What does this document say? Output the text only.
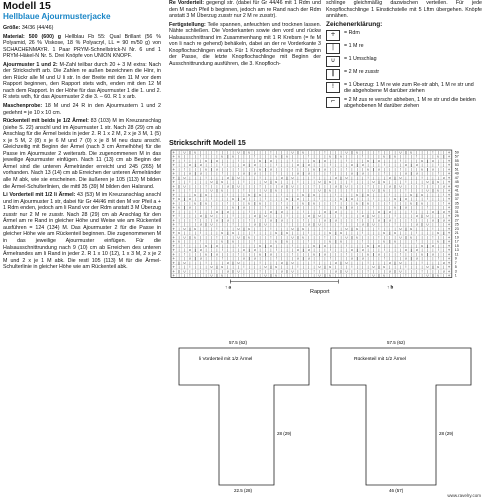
Modell 15
Hellblaue Ajourmusterjacke

Größe: 34/36 (44/46)

Material: 500 (600) g Hellblau Fb 55: Qual Brillant (56 % Polyamid, 26 % Viskose, 18 % Polyacryl, LL = 90 m/50 g) von SCHACHENMAYR. 1 Paar PRYM-Schnellstrick-N Nr. 6 und 1 PRYM-Häkel-N Nr. 5. Drei Knöpfe von UNION KNOPF.

Ajourmuster 1 und 2: M-Zahl teilbar durch 20 + 3 M extra: Nach der Strickschrift arb. Die Zahlen re außen bezeichnen die Hinr, in den Rückr alle M und U li str. In der Breite mit den 11 M vor dem Rapport beginnen, den Rapport stets wdh, enden mit den 12 M nach dem Rapport. In der Höhe für das Ajourmuster 1 die 1. und 2. R stets wdh, für das Ajourmuster 2 die 3. – 60. R 1 x arb.

Maschenprobe: 18 M und 24 R in den Ajourmustern 1 und 2 gedehnt = je 10 x 10 cm.

Rückenteil mit beids je 1/2 Ärmel: 83 (103) M im Kreuzanschlag (siehe S. 22) anschl und im Ajourmuster 1 str. Nach 28 (29) cm ab Anschlag für die Ärmel beids in jeder 2. R 1 x 2 M, 2 x je 3 M, 1 (5) x je 5 M, 2 (8) x je 6 M und 7 (0) x je 8 M neu dazu anschl. Gleichzeitig mit Beginn der Ärmel (nach 3 cm Ärmelhöhe) für die Passe im Ajourmuster 2 weiterarb. Die zugenommenen M in das jeweilige Ajourmuster einfügen. Nach 11 (13) cm ab Beginn der Ärmel sind die unteren Ärmelränder erreicht und 245 (265) M vorhanden. Nach 13 (14) cm ab Erreichen der unteren Ärmelränder alle M abk, wie sie erscheinen. Die äußeren je 105 (113) M bilden die Ärmel-Schulterlinien, die mittl 35 (39) M bilden den Halsrand.

Li Vorderteil mit 1/2 li Ärmel: 43 (53) M im Kreuzanschlag anschl und im Ajourmuster 1 str, dabei für Gr 44/46 mit den M vor Pfeil a + 1 Rdm enden, jedoch am li Rand vor der Rdm anstatt 3 M Überzug zusstr nur 2 M re zusstr. Nach 28 (29) cm ab Anschlag für den Ärmel am re Rand in gleicher Höhe und Weise wie am Rückenteil ausführen = 124 (134) M. Das Ajourmuster 2 für die Passe in gleicher Höhe wie am Rückenteil beginnen. Die zugenommenen M in das jeweilige Ajourmuster einfügen. Für die Halsausschnittrundung nach 9 (10) cm ab Erreichen des unteren Ärmelrandes am li Rand in jeder 2. R 1 x 10 (12), 1 x 3 M, 2 x je 2 M und 2 x je 1 M abk. Die restl 105 (113) M für die Ärmel-Schulterlinie in gleicher Höhe wie am Rückenteil abk.

Re Vorderteil: gegengl str. (dabei für Gr 44/46 mit 1 Rdm und den M nach Pfeil b beginnen, jedoch am re Rand nach der Rdm anstatt 3 M Überzug zusstr nur 2 M re zusstr).

Fertigstellung: Teile spannen, anfeuchten und trocknen lassen. Nähte schließen. Die Vorderkanten sowie den vord und rückw Halsausschnittrand im Zusammenhang mit 1 R Krebsm (= fe M von li nach re gehend) behäkeln, dabei an der re Vorderkante 3 Knopflochschlingen einarb. Für 1 Knopflochschlinge mit Beginn der Passe, die letzte Knopflochschlinge mit Beginn der Ausschnittrundung ausführen, die 3. Knopfloch-

schlinge gleichmäßig dazwischen verteilen. Für jede Knopflochschlinge 1 Einstichstelle mit 5 Lftm übergehen. Knöpfe annähen.

Zeichenerklärung:
+	= Rdm
|	= 1 M re
∪	= 1 Umschlag
‖	= 2 M re zusstr
!	= 1 Überzug: 1 M re wie zum Re-str abh, 1 M re str und die abgehobene M darüber ziehen
⌐	= 2 M zus re verschr abheben, 1 M re str und die beiden abgehobenen M darüber ziehen
Strickschrift Modell 15
+ | ∪ ‖ ∪ | | | ! | | | ∪ ‖ ∪ | | | ! | | | ∪ ‖ ∪ | | | ! | | | ∪ ‖ ∪ | | | ! | | | ∪ ‖ ∪ | | | ! | | +
+ ∪ | | | ! | | | ∪ ‖ ∪ | | | ! | | | ∪ ‖ ∪ | | | ! | | | ∪ ‖ ∪ | | | ! | | | ∪ ‖ ∪ | | | ! | | | ∪ ‖ +
+ | ! | | | ∪ ‖ ∪ | | | ! | | | ∪ ‖ ∪ | | | ! | | | ∪ ‖ ∪ | | | ! | | | ∪ ‖ ∪ | | | ! | | | ∪ ‖ ∪ | | +
+ | | ∪ ‖ ∪ | | | ! | | | ∪ ‖ ∪ | | | ! | | | ∪ ‖ ∪ | | | ! | | | ∪ ‖ ∪ | | | ! | | | ∪ ‖ ∪ | | | ! | +
+ | ! | | | ∪ ‖ ∪ | | | ! | | | ∪ ‖ ∪ | | | ! | | | ∪ ‖ ∪ | | | ! | | | ∪ ‖ ∪ | | | ! | | | ∪ ‖ ∪ | | +
+ | | ∪ ‖ ∪ | | | ! | | | ∪ ‖ ∪ | | | ! | | | ∪ ‖ ∪ | | | ! | | | ∪ ‖ ∪ | | | ! | | | ∪ ‖ ∪ | | | ! | +
+ ‖ ∪ | | | ! | | | ∪ ‖ ∪ | | | ! | | | ∪ ‖ ∪ | | | ! | | | ∪ ‖ ∪ | | | ! | | | ∪ ‖ ∪ | | | ! | | | ∪ +
+ | | ! | | | ∪ ‖ ∪ | | | ! | | | ∪ ‖ ∪ | | | ! | | | ∪ ‖ ∪ | | | ! | | | ∪ ‖ ∪ | | | ! | | | ∪ ‖ ∪ | +
+ ‖ ∪ | | | ! | | | ∪ ‖ ∪ | | | ! | | | ∪ ‖ ∪ | | | ! | | | ∪ ‖ ∪ | | | ! | | | ∪ ‖ ∪ | | | ! | | | ∪ +
+ | | ! | | | ∪ ‖ ∪ | | | ! | | | ∪ ‖ ∪ | | | ! | | | ∪ ‖ ∪ | | | ! | | | ∪ ‖ ∪ | | | ! | | | ∪ ‖ ∪ | +
+ | | | ∪ ‖ ∪ | | | ! | | | ∪ ‖ ∪ | | | ! | | | ∪ ‖ ∪ | | | ! | | | ∪ ‖ ∪ | | | ! | | | ∪ ‖ ∪ | | | ! +
+ ∪ ‖ ∪ | | | ! | | | ∪ ‖ ∪ | | | ! | | | ∪ ‖ ∪ | | | ! | | | ∪ ‖ ∪ | | | ! | | | ∪ ‖ ∪ | | | ! | | | +
+ | | | ∪ ‖ ∪ | | | ! | | | ∪ ‖ ∪ | | | ! | | | ∪ ‖ ∪ | | | ! | | | ∪ ‖ ∪ | | | ! | | | ∪ ‖ ∪ | | | ! +
+ ∪ ‖ ∪ | | | ! | | | ∪ ‖ ∪ | | | ! | | | ∪ ‖ ∪ | | | ! | | | ∪ ‖ ∪ | | | ! | | | ∪ ‖ ∪ | | | ! | | | +
+ | | | ! | | | ∪ ‖ ∪ | | | ! | | | ∪ ‖ ∪ | | | ! | | | ∪ ‖ ∪ | | | ! | | | ∪ ‖ ∪ | | | ! | | | ∪ ‖ ∪ +
+ ! | | | ∪ ‖ ∪ | | | ! | | | ∪ ‖ ∪ | | | ! | | | ∪ ‖ ∪ | | | ! | | | ∪ ‖ ∪ | | | ! | | | ∪ ‖ ∪ | | | +
+ | | | ! | | | ∪ ‖ ∪ | | | ! | | | ∪ ‖ ∪ | | | ! | | | ∪ ‖ ∪ | | | ! | | | ∪ ‖ ∪ | | | ! | | | ∪ ‖ ∪ +
+ ! | | | ∪ ‖ ∪ | | | ! | | | ∪ ‖ ∪ | | | ! | | | ∪ ‖ ∪ | | | ! | | | ∪ ‖ ∪ | | | ! | | | ∪ ‖ ∪ | | | +
+ | ∪ ‖ ∪ | | | ! | | | ∪ ‖ ∪ | | | ! | | | ∪ ‖ ∪ | | | ! | | | ∪ ‖ ∪ | | | ! | | | ∪ ‖ ∪ | | | ! | | +
+ ∪ | | | ! | | | ∪ ‖ ∪ | | | ! | | | ∪ ‖ ∪ | | | ! | | | ∪ ‖ ∪ | | | ! | | | ∪ ‖ ∪ | | | ! | | | ∪ ‖ +
+ | ∪ ‖ ∪ | | | ! | | | ∪ ‖ ∪ | | | ! | | | ∪ ‖ ∪ | | | ! | | | ∪ ‖ ∪ | | | ! | | | ∪ ‖ ∪ | | | ! | | +
+ ∪ | | | ! | | | ∪ ‖ ∪ | | | ! | | | ∪ ‖ ∪ | | | ! | | | ∪ ‖ ∪ | | | ! | | | ∪ ‖ ∪ | | | ! | | | ∪ ‖ +
+ | ! | | | ∪ ‖ ∪ | | | ! | | | ∪ ‖ ∪ | | | ! | | | ∪ ‖ ∪ | | | ! | | | ∪ ‖ ∪ | | | ! | | | ∪ ‖ ∪ | | +
+ | | ∪ ‖ ∪ | | | ! | | | ∪ ‖ ∪ | | | ! | | | ∪ ‖ ∪ | | | ! | | | ∪ ‖ ∪ | | | ! | | | ∪ ‖ ∪ | | | ! | +
+ | ! | | | ∪ ‖ ∪ | | | ! | | | ∪ ‖ ∪ | | | ! | | | ∪ ‖ ∪ | | | ! | | | ∪ ‖ ∪ | | | ! | | | ∪ ‖ ∪ | | +
+ | | ∪ ‖ ∪ | | | ! | | | ∪ ‖ ∪ | | | ! | | | ∪ ‖ ∪ | | | ! | | | ∪ ‖ ∪ | | | ! | | | ∪ ‖ ∪ | | | ! | +
+ ‖ ∪ | | | ! | | | ∪ ‖ ∪ | | | ! | | | ∪ ‖ ∪ | | | ! | | | ∪ ‖ ∪ | | | ! | | | ∪ ‖ ∪ | | | ! | | | ∪ +
+ | | ! | | | ∪ ‖ ∪ | | | ! | | | ∪ ‖ ∪ | | | ! | | | ∪ ‖ ∪ | | | ! | | | ∪ ‖ ∪ | | | ! | | | ∪ ‖ ∪ | +
+ ‖ ∪ | | | ! | | | ∪ ‖ ∪ | | | ! | | | ∪ ‖ ∪ | | | ! | | | ∪ ‖ ∪ | | | ! | | | ∪ ‖ ∪ | | | ! | | | ∪ +
+ | | ! | | | ∪ ‖ ∪ | | | ! | | | ∪ ‖ ∪ | | | ! | | | ∪ ‖ ∪ | | | ! | | | ∪ ‖ ∪ | | | ! | | | ∪ ‖ ∪ | +
59
57
55
53
51
49
47
45
43
41
39
37
35
33
31
29
27
25
23
21
19
17
15
13
11
9
7
5
3
1
↑ a	↑ b
Rapport
li Vorderteil mit 1/2 Ärmel	Rückenteil mit 1/2 Ärmel
57.5 (62)	57.5 (62)
22.5 (28)	46 (57)
28 (29)	28 (29)
www.ravelry.com
